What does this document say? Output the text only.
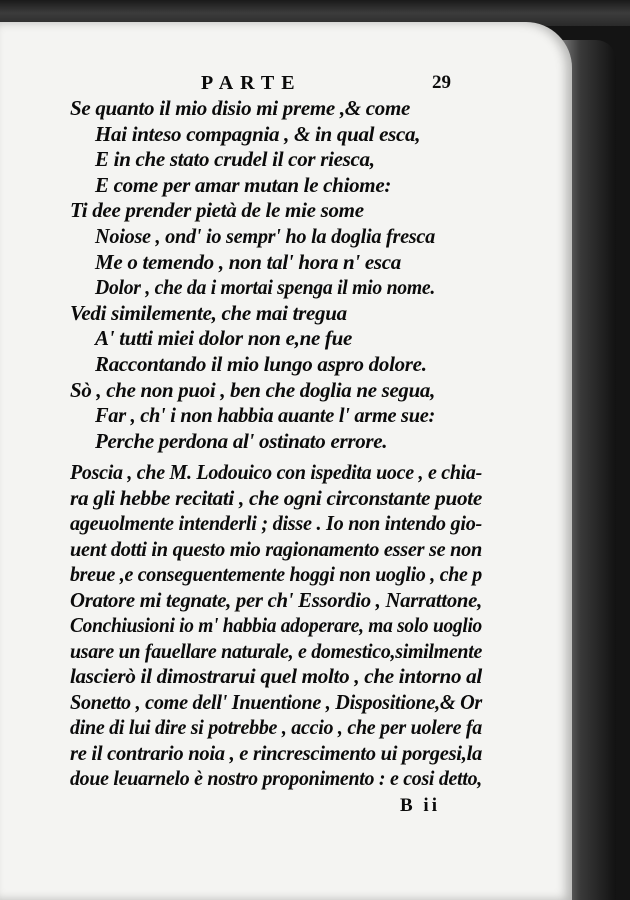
PARTE	29
Se quanto il mio disio mi preme ,& come
Hai inteso compagnia , & in qual esca,
E in che stato crudel il cor riesca,
E come per amar mutan le chiome:
Ti dee prender pietà de le mie some
Noiose , ond' io sempr' ho la doglia fresca
Me o temendo , non tal' hora n' esca
Dolor , che da i mortai spenga il mio nome.
Vedi similemente, che mai tregua
A' tutti miei dolor non e,ne fue
Raccontando il mio lungo aspro dolore.
Sò , che non puoi , ben che doglia ne segua,
Far , ch' i non habbia auante l' arme sue:
Perche perdona al' ostinato errore.
Poscia , che M. Lodouico con ispedita uoce , e chia-
ra gli hebbe recitati , che ogni circonstante puote
ageuolmente intenderli ; disse . Io non intendo gio-
uent dotti in questo mio ragionamento esser se non
breue ,e conseguentemente hoggi non uoglio , che p
Oratore mi tegnate, per ch' Essordio , Narrattone,
Conchiusioni io m' habbia adoperare, ma solo uoglio
usare un fauellare naturale, e domestico,similmente
lascierò il dimostrarui quel molto , che intorno al
Sonetto , come dell' Inuentione , Dispositione,& Or
dine di lui dire si potrebbe , accio , che per uolere fa
re il contrario noia , e rincrescimento ui porgesi,la
doue leuarnelo è nostro proponimento : e cosi detto,
B ii
